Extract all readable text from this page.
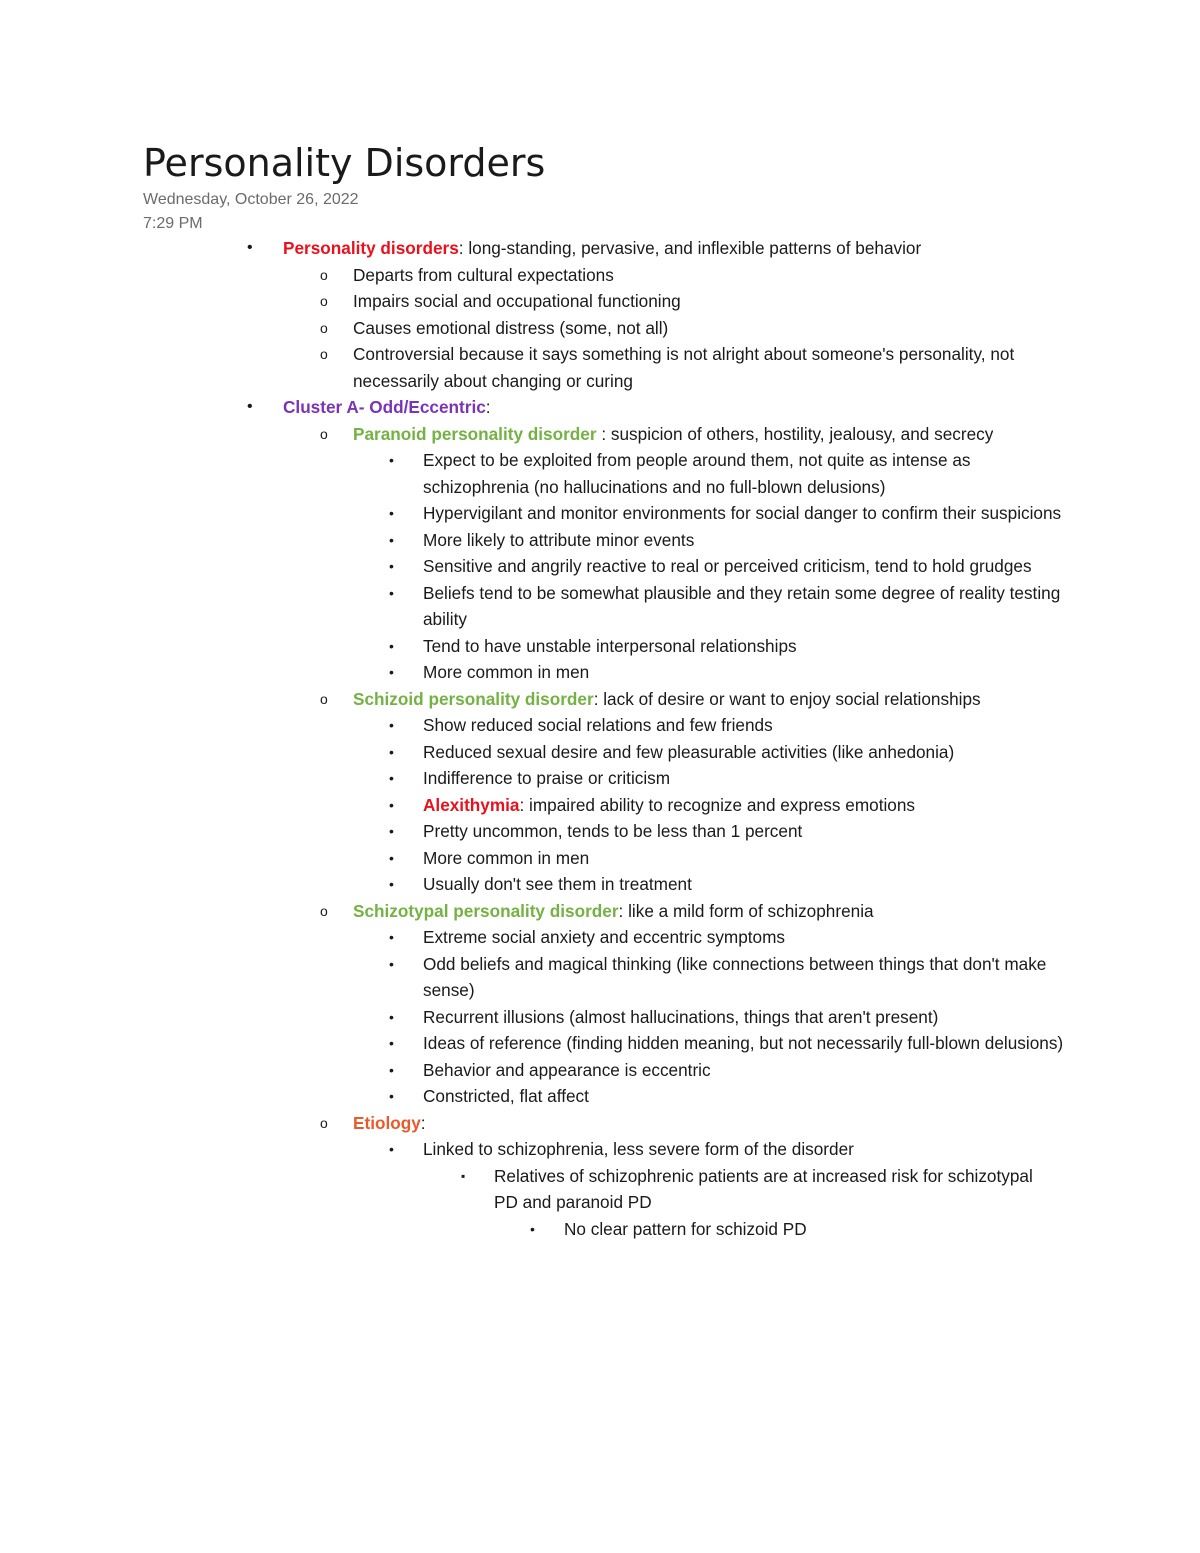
Personality Disorders
Wednesday, October 26, 2022
7:29 PM
• Personality disorders: long-standing, pervasive, and inflexible patterns of behavior
o Departs from cultural expectations
o Impairs social and occupational functioning
o Causes emotional distress (some, not all)
o Controversial because it says something is not alright about someone's personality, not necessarily about changing or curing
• Cluster A- Odd/Eccentric:
o Paranoid personality disorder : suspicion of others, hostility, jealousy, and secrecy
• Expect to be exploited from people around them, not quite as intense as schizophrenia (no hallucinations and no full-blown delusions)
• Hypervigilant and monitor environments for social danger to confirm their suspicions
• More likely to attribute minor events
• Sensitive and angrily reactive to real or perceived criticism, tend to hold grudges
• Beliefs tend to be somewhat plausible and they retain some degree of reality testing ability
• Tend to have unstable interpersonal relationships
• More common in men
o Schizoid personality disorder: lack of desire or want to enjoy social relationships
• Show reduced social relations and few friends
• Reduced sexual desire and few pleasurable activities (like anhedonia)
• Indifference to praise or criticism
• Alexithymia: impaired ability to recognize and express emotions
• Pretty uncommon, tends to be less than 1 percent
• More common in men
• Usually don't see them in treatment
o Schizotypal personality disorder: like a mild form of schizophrenia
• Extreme social anxiety and eccentric symptoms
• Odd beliefs and magical thinking (like connections between things that don't make sense)
• Recurrent illusions (almost hallucinations, things that aren't present)
• Ideas of reference (finding hidden meaning, but not necessarily full-blown delusions)
• Behavior and appearance is eccentric
• Constricted, flat affect
o Etiology:
• Linked to schizophrenia, less severe form of the disorder
▪ Relatives of schizophrenic patients are at increased risk for schizotypal PD and paranoid PD
• No clear pattern for schizoid PD
